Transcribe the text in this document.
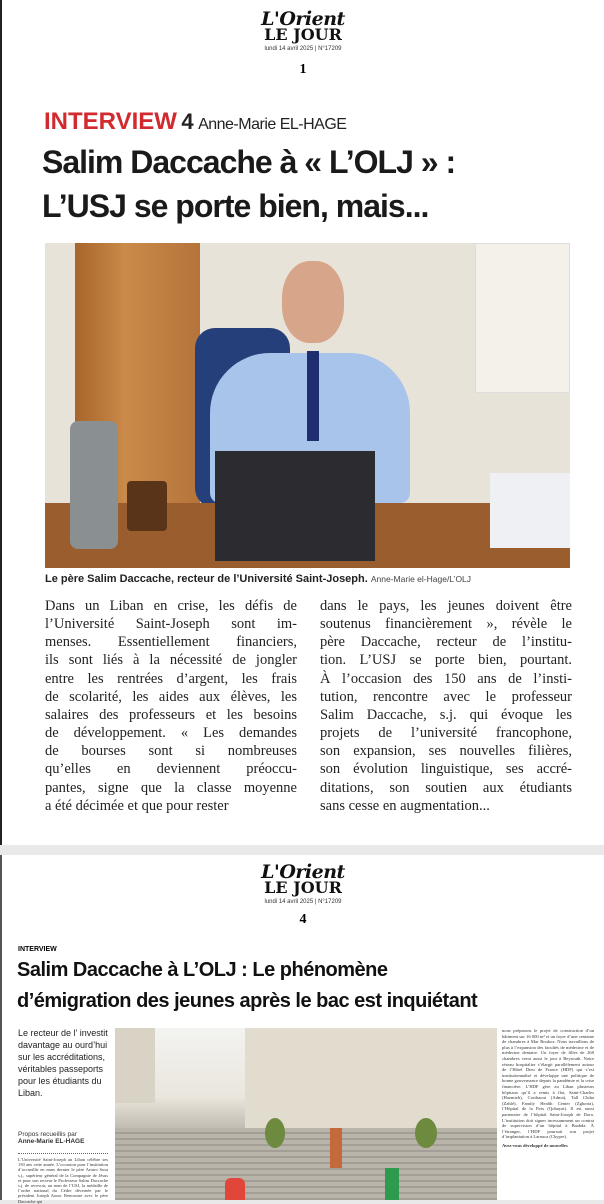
L'Orient
LE JOUR
lundi 14 avril 2025 | N°17209
1
INTERVIEW 4 Anne-Marie EL-HAGE
Salim Daccache à « L’OLJ » :
L’USJ se porte bien, mais...
Le père Salim Daccache, recteur de l’Université Saint-Joseph. Anne-Marie el-Hage/L’OLJ
Dans un Liban en crise, les défis de
l’Université Saint-Joseph sont im-
menses. Essentiellement financiers,
ils sont liés à la nécessité de jongler
entre les rentrées d’argent, les frais
de scolarité, les aides aux élèves, les
salaires des professeurs et les besoins
de développement. « Les demandes
de bourses sont si nombreuses
qu’elles en deviennent préoccu-
pantes, signe que la classe moyenne
a été décimée et que pour rester
dans le pays, les jeunes doivent être
soutenus financièrement », révèle le
père Daccache, recteur de l’institu-
tion. L’USJ se porte bien, pourtant.
À l’occasion des 150 ans de l’insti-
tution, rencontre avec le professeur
Salim Daccache, s.j. qui évoque les
projets de l’université francophone,
son expansion, ses nouvelles filières,
son évolution linguistique, ses accré-
ditations, son soutien aux étudiants
sans cesse en augmentation...
L'Orient
LE JOUR
lundi 14 avril 2025 | N°17209
4
INTERVIEW
Salim Daccache à L’OLJ : Le phénomène
d’émigration des jeunes après le bac est inquiétant
Le recteur de l’ investit davantage au ourd’hui sur les accréditations, véritables passeports pour les étudiants du Liban.
Propos recueillis par
Anne-Marie EL-HAGE
L’Université Saint-Joseph au Liban célèbre ses 150 ans cette année. L’occasion pour l’institution d’accueillir en mars dernier le père Arturo Sosa s.j., supérieur général de la Compagnie de Jésus et pour son recteur le Professeur Salim Daccache s.j. de recevoir, au nom de l’USJ, la médaille de l’ordre national du Cèdre décernée par le président Joseph Aoun. Rencontre avec le père Daccache qui
nous préparons le projet de construction d’un bâtiment sur 16 000 m² et un foyer d’une centaine de chambres à Mar Roukoz. Nous travaillons de plus à l’expansion des facultés de médecine et de médecine dentaire. Un foyer de filles de 260 chambres verra aussi le jour à Beyrouth. Notre réseau hospitalier s’élargit parallèlement autour de l’Hôtel Dieu de France (HDF) qui s’est institutionnalisé et développe une politique de bonne gouvernance depuis la pandémie et la crise financière. L’HDF gère au Liban plusieurs hôpitaux qu’il a remis à flot, Saint-Charles (Hazmieh), Corthaoui (Adma), Tall Chiha (Zahlé), Family Health Center (Zghorta), l’Hôpital de la Paix (Qobayat). Il est aussi partenaire de l’hôpital Saint-Joseph de Dora. L’institution doit signer incessamment un contrat de supervision d’un hôpital à Baabda. À l’étranger, l’HDF poursuit son projet d’implantation à Larnaca (Chypre).
Avez-vous développé de nouvelles
